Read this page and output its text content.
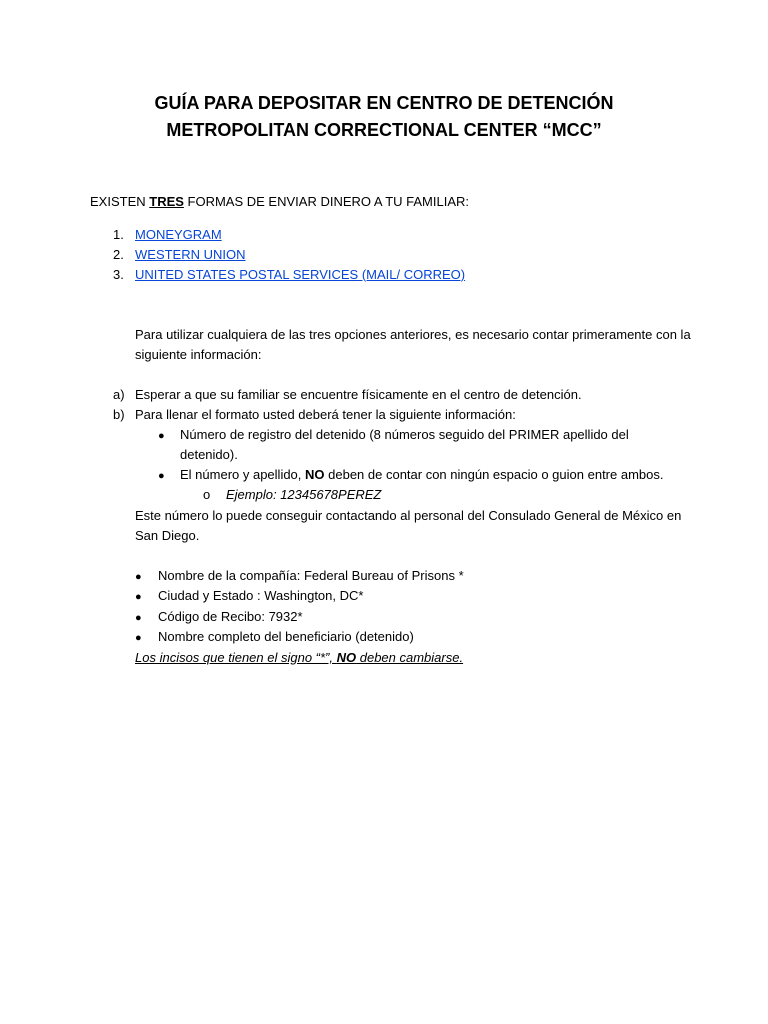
GUÍA PARA DEPOSITAR EN CENTRO DE DETENCIÓN
METROPOLITAN CORRECTIONAL CENTER “MCC”
EXISTEN TRES FORMAS DE ENVIAR DINERO A TU FAMILIAR:
1. MONEYGRAM
2. WESTERN UNION
3. UNITED STATES POSTAL SERVICES (MAIL/ CORREO)
Para utilizar cualquiera de las tres opciones anteriores, es necesario contar primeramente con la
siguiente información:
a) Esperar a que su familiar se encuentre físicamente en el centro de detención.
b) Para llenar el formato usted deberá tener la siguiente información:
● Número de registro del detenido (8 números seguido del PRIMER apellido del
detenido).
● El número y apellido, NO deben de contar con ningún espacio o guion entre ambos.
o Ejemplo: 12345678PEREZ
Este número lo puede conseguir contactando al personal del Consulado General de México en
San Diego.
● Nombre de la compañía: Federal Bureau of Prisons *
● Ciudad y Estado : Washington, DC*
● Código de Recibo: 7932*
● Nombre completo del beneficiario (detenido)
Los incisos que tienen el signo “*”, NO deben cambiarse.
